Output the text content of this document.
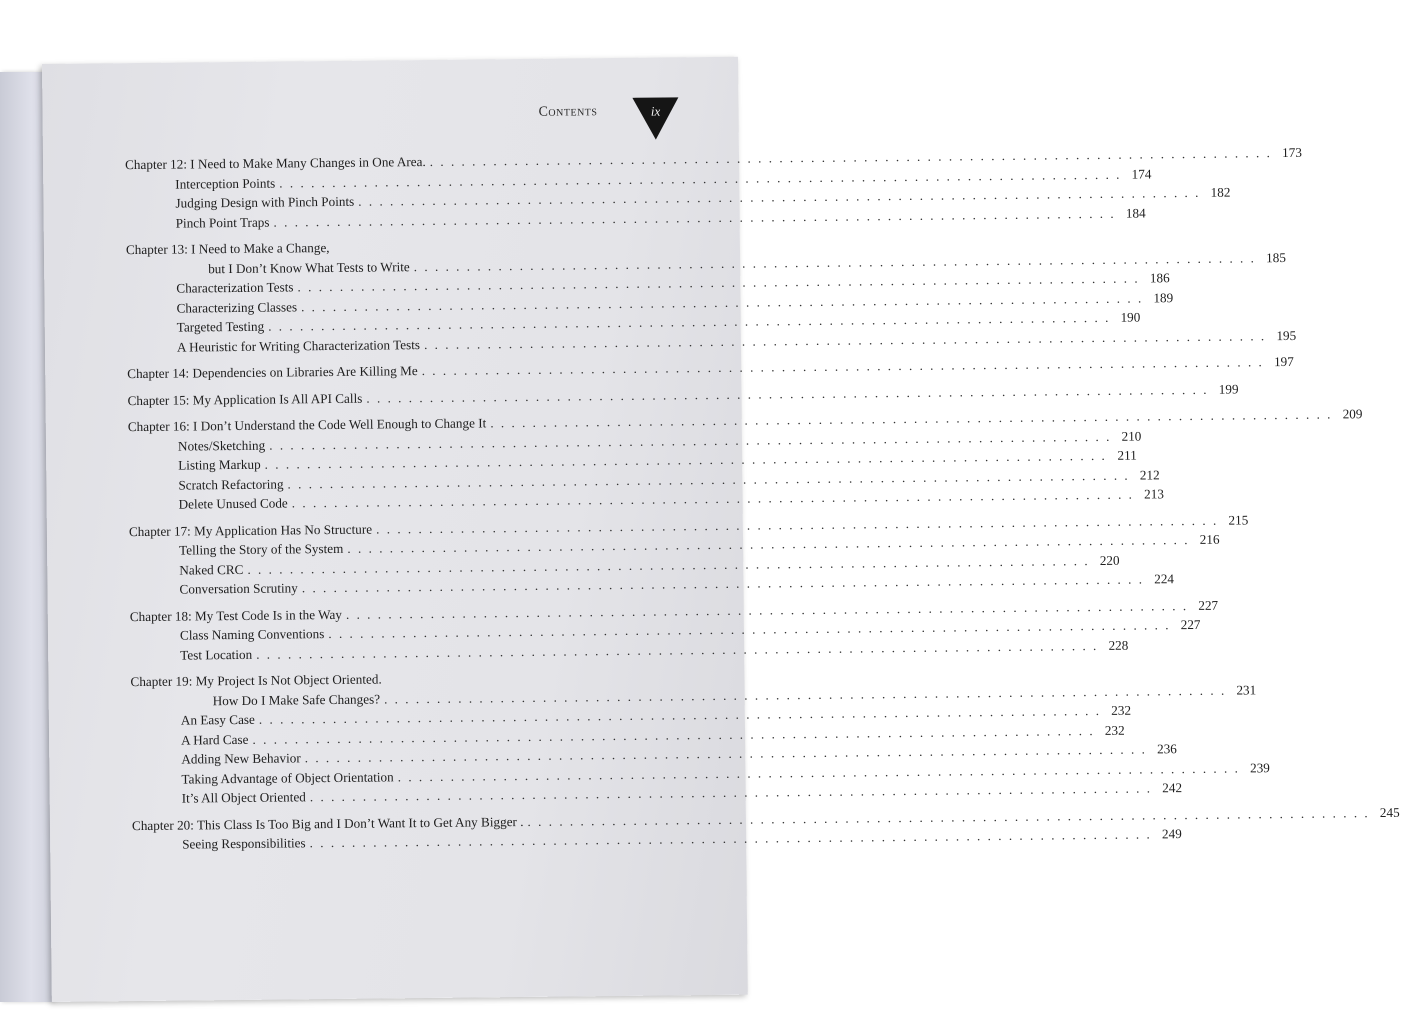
Contents	ix
Chapter 12: I Need to Make Many Changes in One Area. . . . . . . . . . . . . . . . . . . . . . . . . . . . . . . . . . . . . . . . . . . . . . . . . . . . . . . . . . . . . . . . . . . . . . . . . . . . . . . . . 173
Interception Points . . . . . . . . . . . . . . . . . . . . . . . . . . . . . . . . . . . . . . . . . . . . . . . . . . . . . . . . . . . . . . . . . . . . . . . . . . . . . . . . 174
Judging Design with Pinch Points . . . . . . . . . . . . . . . . . . . . . . . . . . . . . . . . . . . . . . . . . . . . . . . . . . . . . . . . . . . . . . . . . . . . . . . . . . . . . . . . 182
Pinch Point Traps . . . . . . . . . . . . . . . . . . . . . . . . . . . . . . . . . . . . . . . . . . . . . . . . . . . . . . . . . . . . . . . . . . . . . . . . . . . . . . . . 184
Chapter 13: I Need to Make a Change,
but I Don’t Know What Tests to Write . . . . . . . . . . . . . . . . . . . . . . . . . . . . . . . . . . . . . . . . . . . . . . . . . . . . . . . . . . . . . . . . . . . . . . . . . . . . . . . . 185
Characterization Tests . . . . . . . . . . . . . . . . . . . . . . . . . . . . . . . . . . . . . . . . . . . . . . . . . . . . . . . . . . . . . . . . . . . . . . . . . . . . . . . . 186
Characterizing Classes . . . . . . . . . . . . . . . . . . . . . . . . . . . . . . . . . . . . . . . . . . . . . . . . . . . . . . . . . . . . . . . . . . . . . . . . . . . . . . . . 189
Targeted Testing . . . . . . . . . . . . . . . . . . . . . . . . . . . . . . . . . . . . . . . . . . . . . . . . . . . . . . . . . . . . . . . . . . . . . . . . . . . . . . . . 190
A Heuristic for Writing Characterization Tests . . . . . . . . . . . . . . . . . . . . . . . . . . . . . . . . . . . . . . . . . . . . . . . . . . . . . . . . . . . . . . . . . . . . . . . . . . . . . . . . 195
Chapter 14: Dependencies on Libraries Are Killing Me . . . . . . . . . . . . . . . . . . . . . . . . . . . . . . . . . . . . . . . . . . . . . . . . . . . . . . . . . . . . . . . . . . . . . . . . . . . . . . . . 197
Chapter 15: My Application Is All API Calls . . . . . . . . . . . . . . . . . . . . . . . . . . . . . . . . . . . . . . . . . . . . . . . . . . . . . . . . . . . . . . . . . . . . . . . . . . . . . . . . 199
Chapter 16: I Don’t Understand the Code Well Enough to Change It . . . . . . . . . . . . . . . . . . . . . . . . . . . . . . . . . . . . . . . . . . . . . . . . . . . . . . . . . . . . . . . . . . . . . . . . . . . . . . . . 209
Notes/Sketching . . . . . . . . . . . . . . . . . . . . . . . . . . . . . . . . . . . . . . . . . . . . . . . . . . . . . . . . . . . . . . . . . . . . . . . . . . . . . . . . 210
Listing Markup . . . . . . . . . . . . . . . . . . . . . . . . . . . . . . . . . . . . . . . . . . . . . . . . . . . . . . . . . . . . . . . . . . . . . . . . . . . . . . . . 211
Scratch Refactoring . . . . . . . . . . . . . . . . . . . . . . . . . . . . . . . . . . . . . . . . . . . . . . . . . . . . . . . . . . . . . . . . . . . . . . . . . . . . . . . . 212
Delete Unused Code . . . . . . . . . . . . . . . . . . . . . . . . . . . . . . . . . . . . . . . . . . . . . . . . . . . . . . . . . . . . . . . . . . . . . . . . . . . . . . . . 213
Chapter 17: My Application Has No Structure . . . . . . . . . . . . . . . . . . . . . . . . . . . . . . . . . . . . . . . . . . . . . . . . . . . . . . . . . . . . . . . . . . . . . . . . . . . . . . . . 215
Telling the Story of the System . . . . . . . . . . . . . . . . . . . . . . . . . . . . . . . . . . . . . . . . . . . . . . . . . . . . . . . . . . . . . . . . . . . . . . . . . . . . . . . . 216
Naked CRC . . . . . . . . . . . . . . . . . . . . . . . . . . . . . . . . . . . . . . . . . . . . . . . . . . . . . . . . . . . . . . . . . . . . . . . . . . . . . . . . 220
Conversation Scrutiny . . . . . . . . . . . . . . . . . . . . . . . . . . . . . . . . . . . . . . . . . . . . . . . . . . . . . . . . . . . . . . . . . . . . . . . . . . . . . . . . 224
Chapter 18: My Test Code Is in the Way . . . . . . . . . . . . . . . . . . . . . . . . . . . . . . . . . . . . . . . . . . . . . . . . . . . . . . . . . . . . . . . . . . . . . . . . . . . . . . . . 227
Class Naming Conventions . . . . . . . . . . . . . . . . . . . . . . . . . . . . . . . . . . . . . . . . . . . . . . . . . . . . . . . . . . . . . . . . . . . . . . . . . . . . . . . . 227
Test Location . . . . . . . . . . . . . . . . . . . . . . . . . . . . . . . . . . . . . . . . . . . . . . . . . . . . . . . . . . . . . . . . . . . . . . . . . . . . . . . . 228
Chapter 19: My Project Is Not Object Oriented.
How Do I Make Safe Changes? . . . . . . . . . . . . . . . . . . . . . . . . . . . . . . . . . . . . . . . . . . . . . . . . . . . . . . . . . . . . . . . . . . . . . . . . . . . . . . . . 231
An Easy Case . . . . . . . . . . . . . . . . . . . . . . . . . . . . . . . . . . . . . . . . . . . . . . . . . . . . . . . . . . . . . . . . . . . . . . . . . . . . . . . . 232
A Hard Case . . . . . . . . . . . . . . . . . . . . . . . . . . . . . . . . . . . . . . . . . . . . . . . . . . . . . . . . . . . . . . . . . . . . . . . . . . . . . . . . 232
Adding New Behavior . . . . . . . . . . . . . . . . . . . . . . . . . . . . . . . . . . . . . . . . . . . . . . . . . . . . . . . . . . . . . . . . . . . . . . . . . . . . . . . . 236
Taking Advantage of Object Orientation . . . . . . . . . . . . . . . . . . . . . . . . . . . . . . . . . . . . . . . . . . . . . . . . . . . . . . . . . . . . . . . . . . . . . . . . . . . . . . . . 239
It’s All Object Oriented . . . . . . . . . . . . . . . . . . . . . . . . . . . . . . . . . . . . . . . . . . . . . . . . . . . . . . . . . . . . . . . . . . . . . . . . . . . . . . . . 242
Chapter 20: This Class Is Too Big and I Don’t Want It to Get Any Bigger . . . . . . . . . . . . . . . . . . . . . . . . . . . . . . . . . . . . . . . . . . . . . . . . . . . . . . . . . . . . . . . . . . . . . . . . . . . . . . . . . 245
Seeing Responsibilities . . . . . . . . . . . . . . . . . . . . . . . . . . . . . . . . . . . . . . . . . . . . . . . . . . . . . . . . . . . . . . . . . . . . . . . . . . . . . . . . 249
